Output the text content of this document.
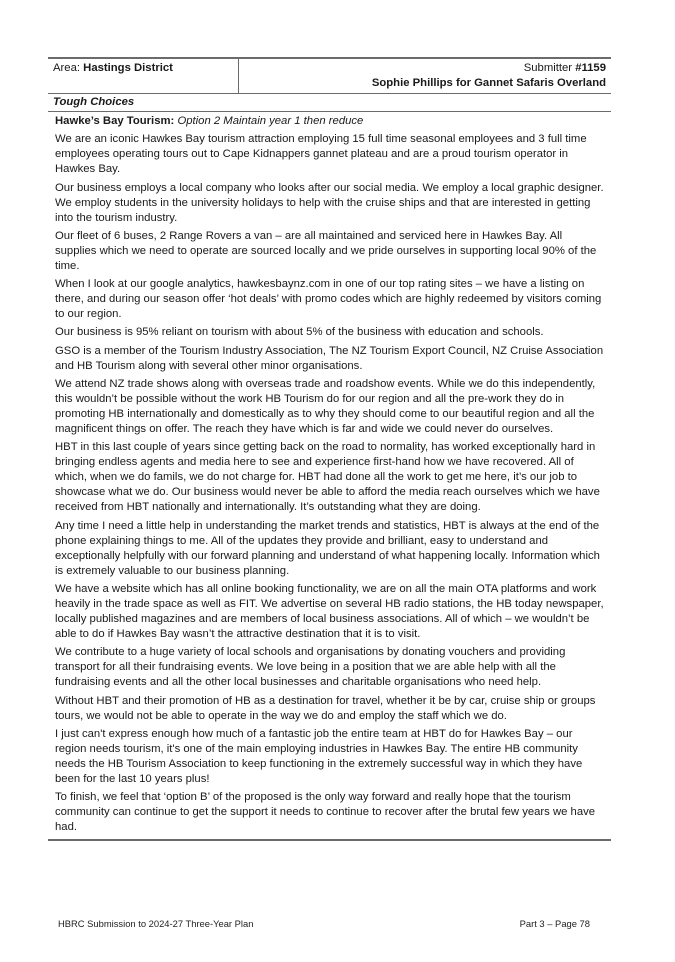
Area: Hastings District	Submitter #1159
Sophie Phillips for Gannet Safaris Overland
Tough Choices

Hawke’s Bay Tourism: Option 2 Maintain year 1 then reduce

We are an iconic Hawkes Bay tourism attraction employing 15 full time seasonal employees and 3 full time employees operating tours out to Cape Kidnappers gannet plateau and are a proud tourism operator in Hawkes Bay.

Our business employs a local company who looks after our social media. We employ a local graphic designer. We employ students in the university holidays to help with the cruise ships and that are interested in getting into the tourism industry.

Our fleet of 6 buses, 2 Range Rovers a van – are all maintained and serviced here in Hawkes Bay. All supplies which we need to operate are sourced locally and we pride ourselves in supporting local 90% of the time.

When I look at our google analytics, hawkesbaynz.com in one of our top rating sites – we have a listing on there, and during our season offer ‘hot deals’ with promo codes which are highly redeemed by visitors coming to our region.

Our business is 95% reliant on tourism with about 5% of the business with education and schools.

GSO is a member of the Tourism Industry Association, The NZ Tourism Export Council, NZ Cruise Association and HB Tourism along with several other minor organisations.

We attend NZ trade shows along with overseas trade and roadshow events. While we do this independently, this wouldn’t be possible without the work HB Tourism do for our region and all the pre-work they do in promoting HB internationally and domestically as to why they should come to our beautiful region and all the magnificent things on offer. The reach they have which is far and wide we could never do ourselves.

HBT in this last couple of years since getting back on the road to normality, has worked exceptionally hard in bringing endless agents and media here to see and experience first-hand how we have recovered. All of which, when we do famils, we do not charge for. HBT had done all the work to get me here, it’s our job to showcase what we do. Our business would never be able to afford the media reach ourselves which we have received from HBT nationally and internationally. It’s outstanding what they are doing.

Any time I need a little help in understanding the market trends and statistics, HBT is always at the end of the phone explaining things to me. All of the updates they provide and brilliant, easy to understand and exceptionally helpfully with our forward planning and understand of what happening locally. Information which is extremely valuable to our business planning.

We have a website which has all online booking functionality, we are on all the main OTA platforms and work heavily in the trade space as well as FIT. We advertise on several HB radio stations, the HB today newspaper, locally published magazines and are members of local business associations. All of which – we wouldn’t be able to do if Hawkes Bay wasn’t the attractive destination that it is to visit.

We contribute to a huge variety of local schools and organisations by donating vouchers and providing transport for all their fundraising events. We love being in a position that we are able help with all the fundraising events and all the other local businesses and charitable organisations who need help.

Without HBT and their promotion of HB as a destination for travel, whether it be by car, cruise ship or groups tours, we would not be able to operate in the way we do and employ the staff which we do.

I just can't express enough how much of a fantastic job the entire team at HBT do for Hawkes Bay – our region needs tourism, it's one of the main employing industries in Hawkes Bay. The entire HB community needs the HB Tourism Association to keep functioning in the extremely successful way in which they have been for the last 10 years plus!

To finish, we feel that ‘option B’ of the proposed is the only way forward and really hope that the tourism community can continue to get the support it needs to continue to recover after the brutal few years we have had.

HBRC Submission to 2024-27 Three-Year Plan	Part 3 – Page 78
